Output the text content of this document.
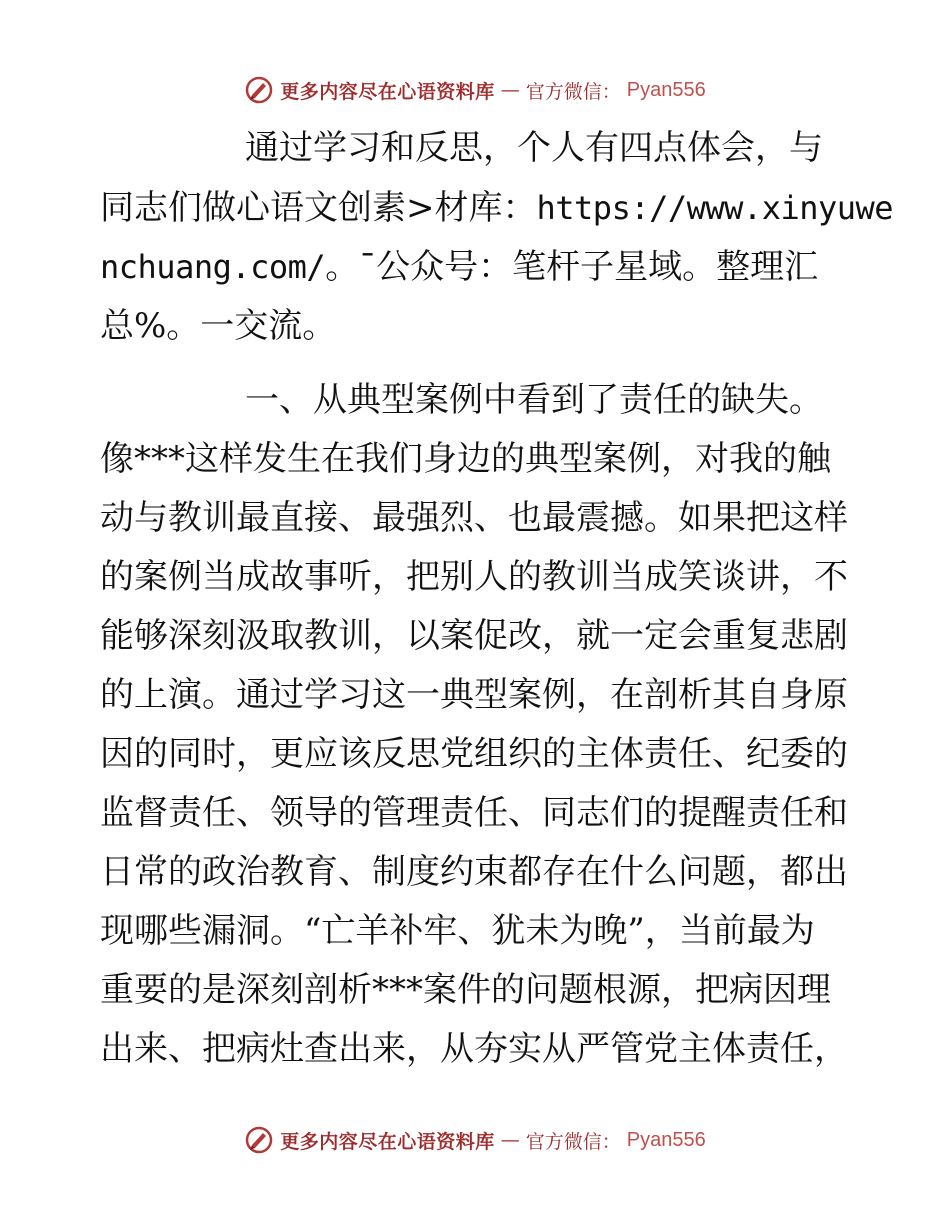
更多内容尽在心语资料库 — 官方微信： Pyan556
通过学习和反思，个人有四点体会，与
同志们做心语文创素>材库：https://www.xinyuwe
nchuang.com/。¯公众号：笔杆子星域。整理汇
总%。一交流。
一、从典型案例中看到了责任的缺失。
像***这样发生在我们身边的典型案例，对我的触
动与教训最直接、最强烈、也最震撼。如果把这样
的案例当成故事听，把别人的教训当成笑谈讲，不
能够深刻汲取教训，以案促改，就一定会重复悲剧
的上演。通过学习这一典型案例，在剖析其自身原
因的同时，更应该反思党组织的主体责任、纪委的
监督责任、领导的管理责任、同志们的提醒责任和
日常的政治教育、制度约束都存在什么问题，都出
现哪些漏洞。“亡羊补牢、犹未为晚”，当前最为
重要的是深刻剖析***案件的问题根源，把病因理
出来、把病灶查出来，从夯实从严管党主体责任，
更多内容尽在心语资料库 — 官方微信： Pyan556
